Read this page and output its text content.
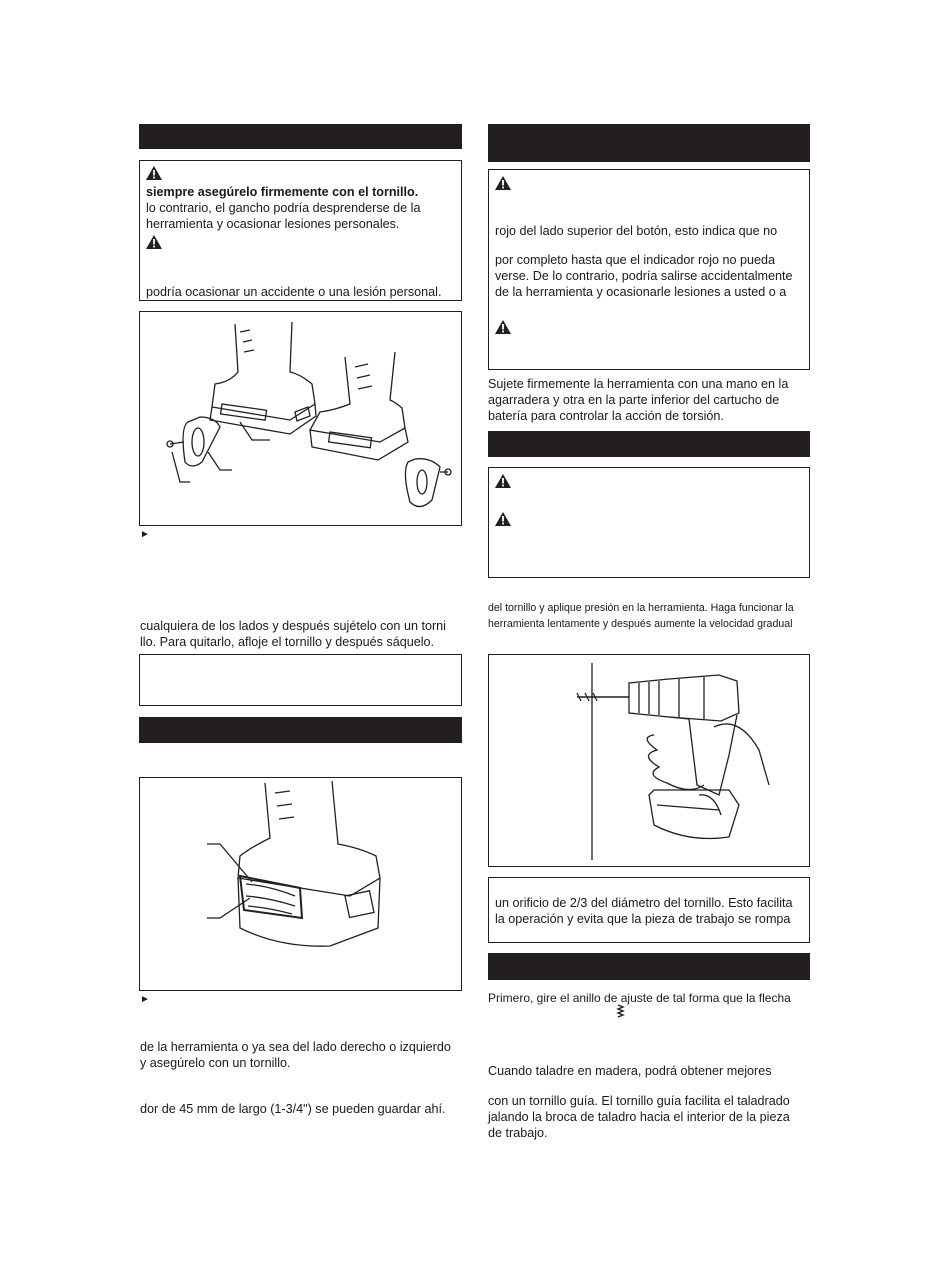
siempre asegúrelo firmemente con el tornillo.
lo contrario, el gancho podría desprenderse de la
herramienta y ocasionar lesiones personales.
podría ocasionar un accidente o una lesión personal.
►
cualquiera de los lados y después sujételo con un torni
llo. Para quitarlo, afloje el tornillo y después sáquelo.
►
de la herramienta o ya sea del lado derecho o izquierdo
y asegúrelo con un tornillo.
dor de 45 mm de largo (1-3/4") se pueden guardar ahí.
rojo del lado superior del botón, esto indica que no
por completo hasta que el indicador rojo no pueda
verse. De lo contrario, podría salirse accidentalmente
de la herramienta y ocasionarle lesiones a usted o a
Sujete firmemente la herramienta con una mano en la
agarradera y otra en la parte inferior del cartucho de
batería para controlar la acción de torsión.
del tornillo y aplique presión en la herramienta. Haga funcionar la
herramienta lentamente y después aumente la velocidad gradual
un orificio de 2/3 del diámetro del tornillo. Esto facilita
la operación y evita que la pieza de trabajo se rompa
Primero, gire el anillo de ajuste de tal forma que la flecha
Cuando taladre en madera, podrá obtener mejores
con un tornillo guía. El tornillo guía facilita el taladrado
jalando la broca de taladro hacia el interior de la pieza
de trabajo.
